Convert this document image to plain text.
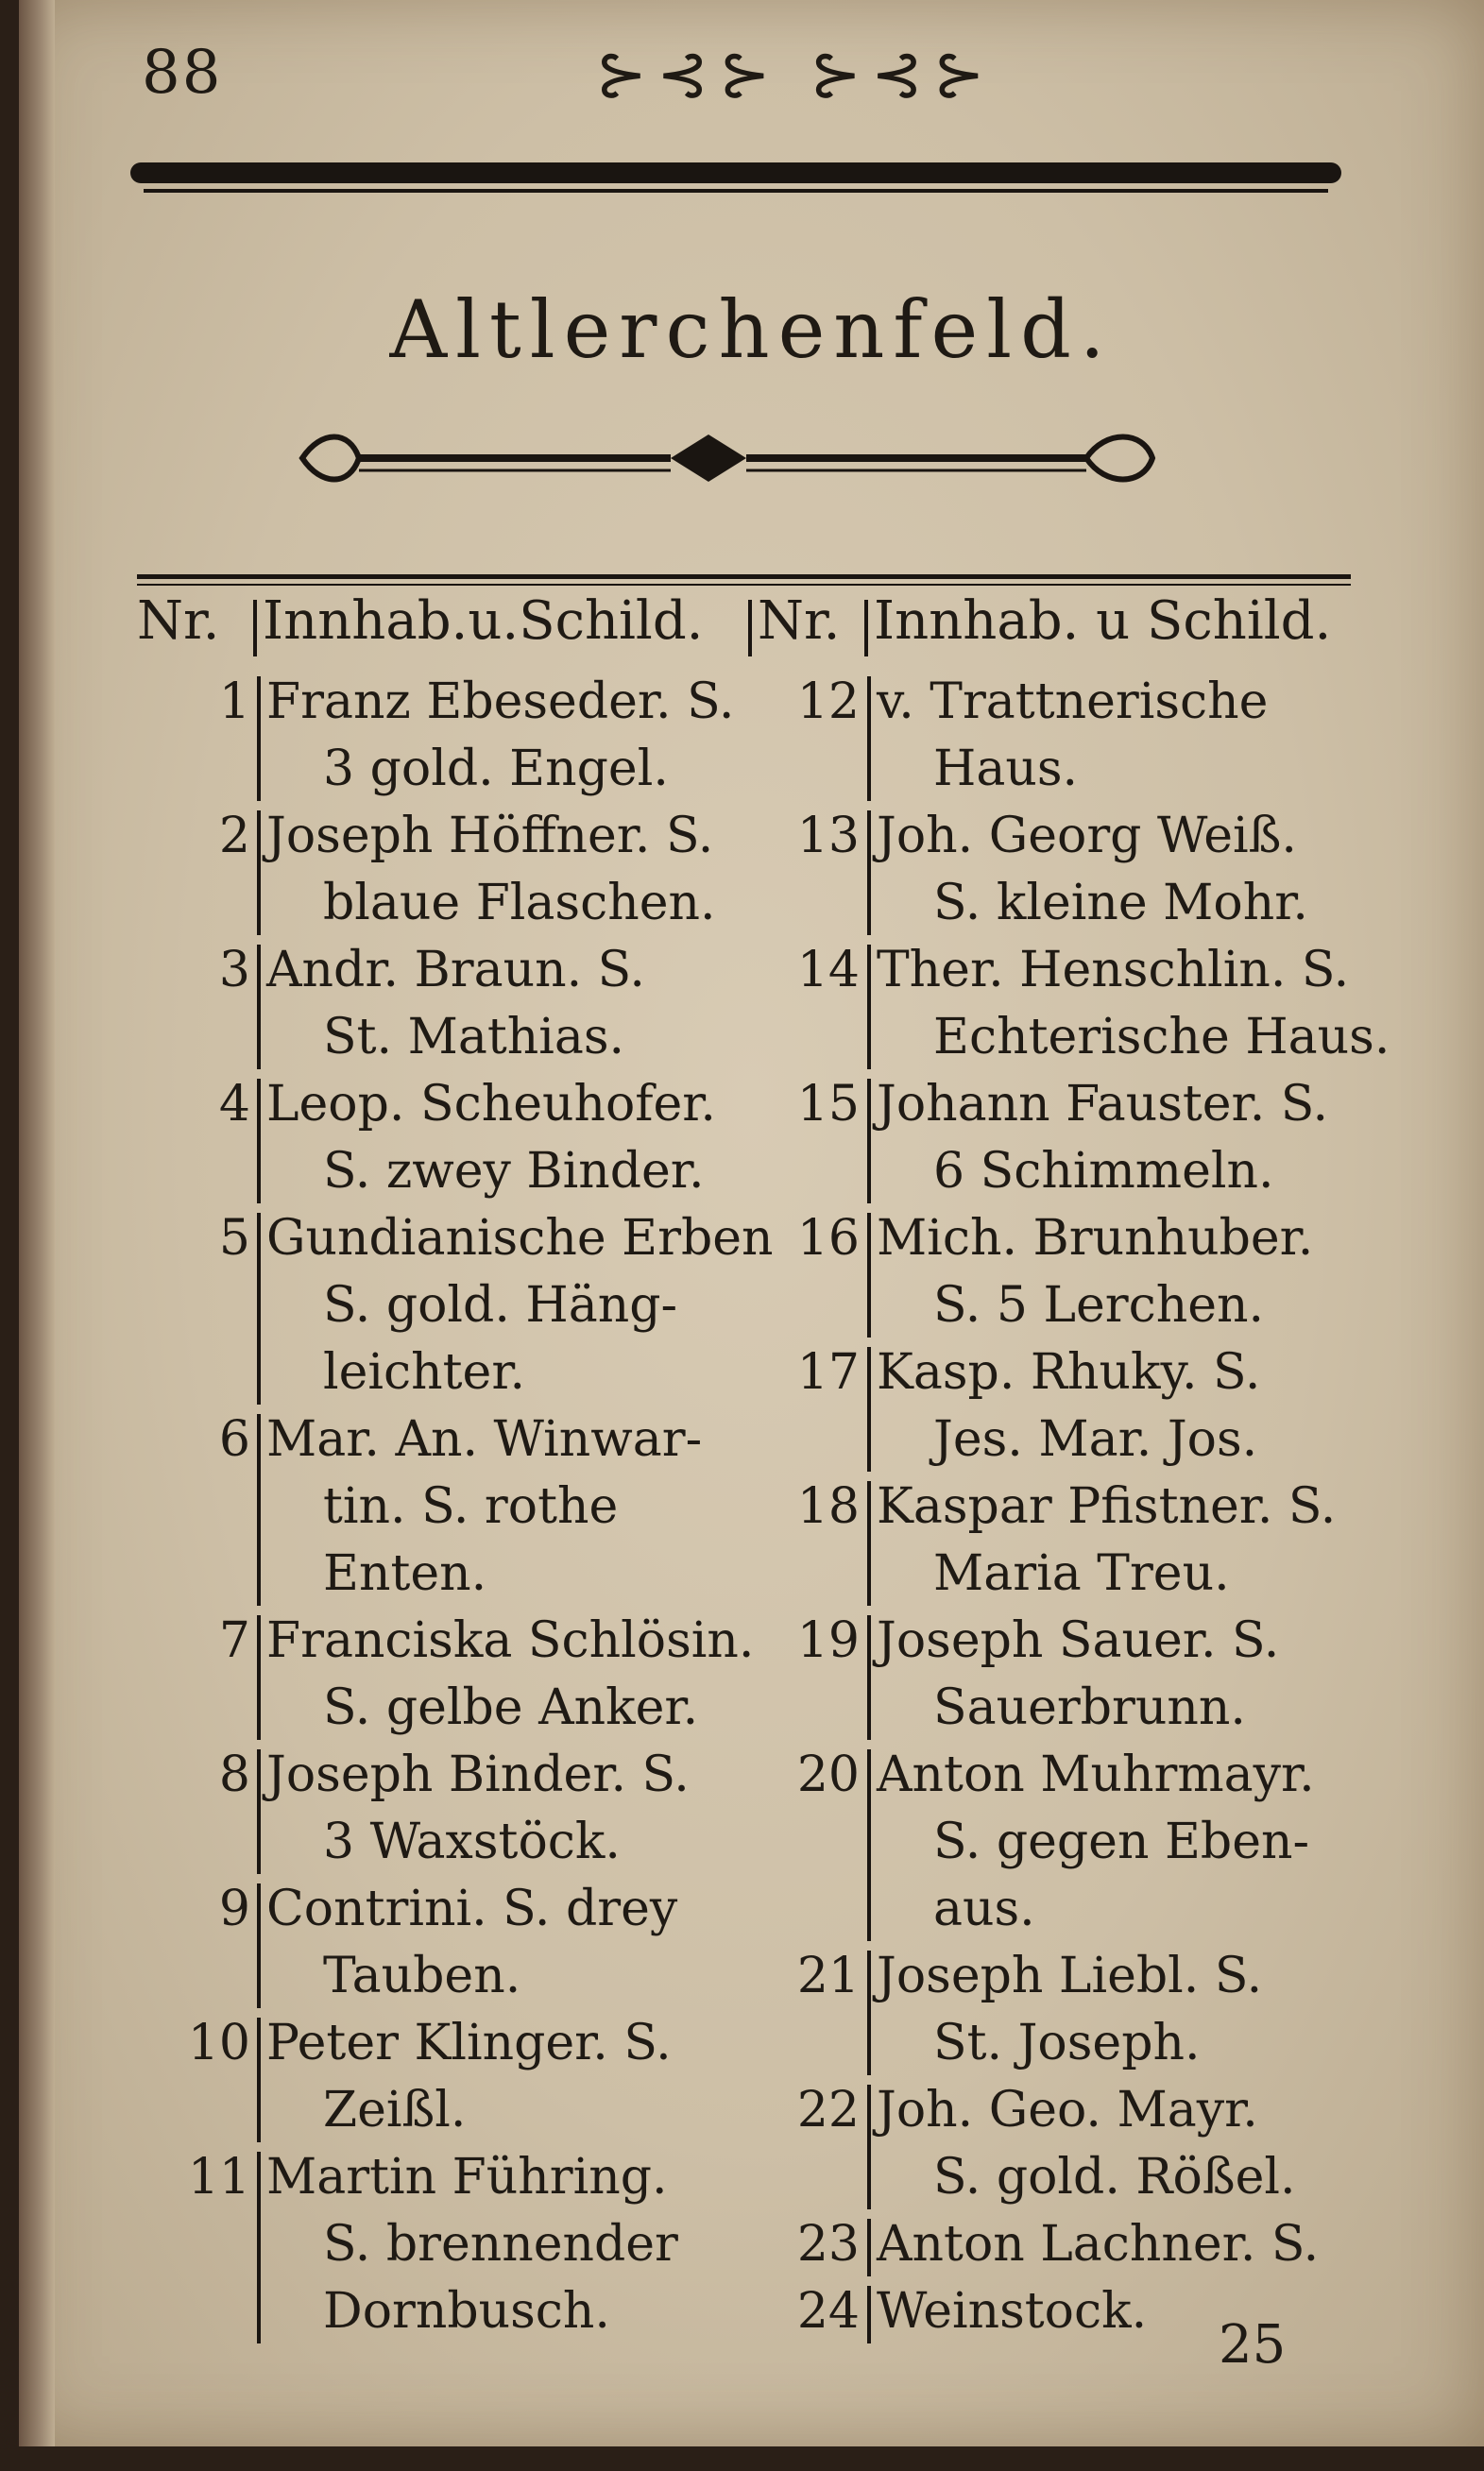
88	⊱⊰⊱ ⊱⊰⊱
Altlerchenfeld.
Nr. Innhab.u.Schild. Nr. Innhab. u Schild.
1 Franz Ebeseder. S.
3 gold. Engel.
2 Joseph Höffner. S.
blaue Flaschen.
3 Andr. Braun. S.
St. Mathias.
4 Leop. Scheuhofer.
S. zwey Binder.
5 Gundianische Erben
S. gold. Häng-
leichter.
6 Mar. An. Winwar-
tin. S. rothe
Enten.
7 Franciska Schlösin.
S. gelbe Anker.
8 Joseph Binder. S.
3 Waxstöck.
9 Contrini. S. drey
Tauben.
10 Peter Klinger. S.
Zeißl.
11 Martin Führing.
S. brennender
Dornbusch.
12 v. Trattnerische
Haus.
13 Joh. Georg Weiß.
S. kleine Mohr.
14 Ther. Henschlin. S.
Echterische Haus.
15 Johann Fauster. S.
6 Schimmeln.
16 Mich. Brunhuber.
S. 5 Lerchen.
17 Kasp. Rhuky. S.
Jes. Mar. Jos.
18 Kaspar Pfistner. S.
Maria Treu.
19 Joseph Sauer. S.
Sauerbrunn.
20 Anton Muhrmayr.
S. gegen Eben-
aus.
21 Joseph Liebl. S.
St. Joseph.
22 Joh. Geo. Mayr.
S. gold. Rößel.
23 Anton Lachner. S.
24 Weinstock.
25
